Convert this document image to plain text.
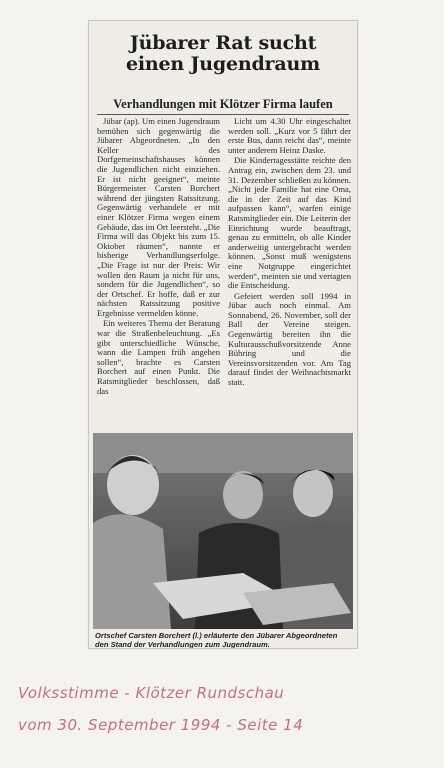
Jübarer Rat sucht
einen Jugendraum
Verhandlungen mit Klötzer Firma laufen

Jübar (ap). Um einen Jugendraum bemühen sich gegenwärtig die Jübarer Abgeordneten. „In den Keller des Dorfgemeinschaftshauses können die Jugendlichen nicht einziehen. Er ist nicht geeignet“, meinte Bürgermeister Carsten Borchert während der jüngsten Ratssitzung. Gegenwärtig verhandele er mit einer Klötzer Firma wegen einem Gebäude, das im Ort leersteht. „Die Firma will das Objekt bis zum 15. Oktober räumen“, nannte er bisherige Verhandlungserfolge. „Die Frage ist nur der Preis: Wir wollen den Raum ja nicht für uns, sondern für die Jugendlichen“, so der Ortschef. Er hoffe, daß er zur nächsten Ratssitzung positive Ergebnisse vermelden könne.

Ein weiteres Thema der Beratung war die Straßenbeleuchtung. „Es gibt unterschiedliche Wünsche, wann die Lampen früh angehen sollen“, brachte es Carsten Borchert auf einen Punkt. Die Ratsmitglieder beschlossen, daß das

Licht um 4.30 Uhr eingeschaltet werden soll. „Kurz vor 5 fährt der erste Bus, dann reicht das“, meinte unter anderem Heinz Daske.

Die Kindertagesstätte reichte den Antrag ein, zwischen dem 23. und 31. Dezember schließen zu können. „Nicht jede Familie hat eine Oma, die in der Zeit auf das Kind aufpassen kann“, warfen einige Ratsmitglieder ein. Die Leiterin der Einrichtung wurde beauftragt, genau zu ermitteln, ob alle Kinder anderweitig untergebracht werden können. „Sonst muß wenigstens eine Notgruppe eingerichtet werden“, meinten sie und vertagten die Entscheidung.

Gefeiert werden soll 1994 in Jübar auch noch einmal. Am Sonnabend, 26. November, soll der Ball der Vereine steigen. Gegenwärtig bereiten ihn die Kulturausschußvorsitzende Anne Bühring und die Vereinsvorsitzenden vor. Am Tag darauf findet der Weihnachtsmarkt statt.

Ortschef Carsten Borchert (l.) erläuterte den Jübarer Abgeordneten den Stand der Verhandlungen zum Jugendraum.
Volksstimme - Klötzer Rundschau
vom 30. September 1994 - Seite 14
